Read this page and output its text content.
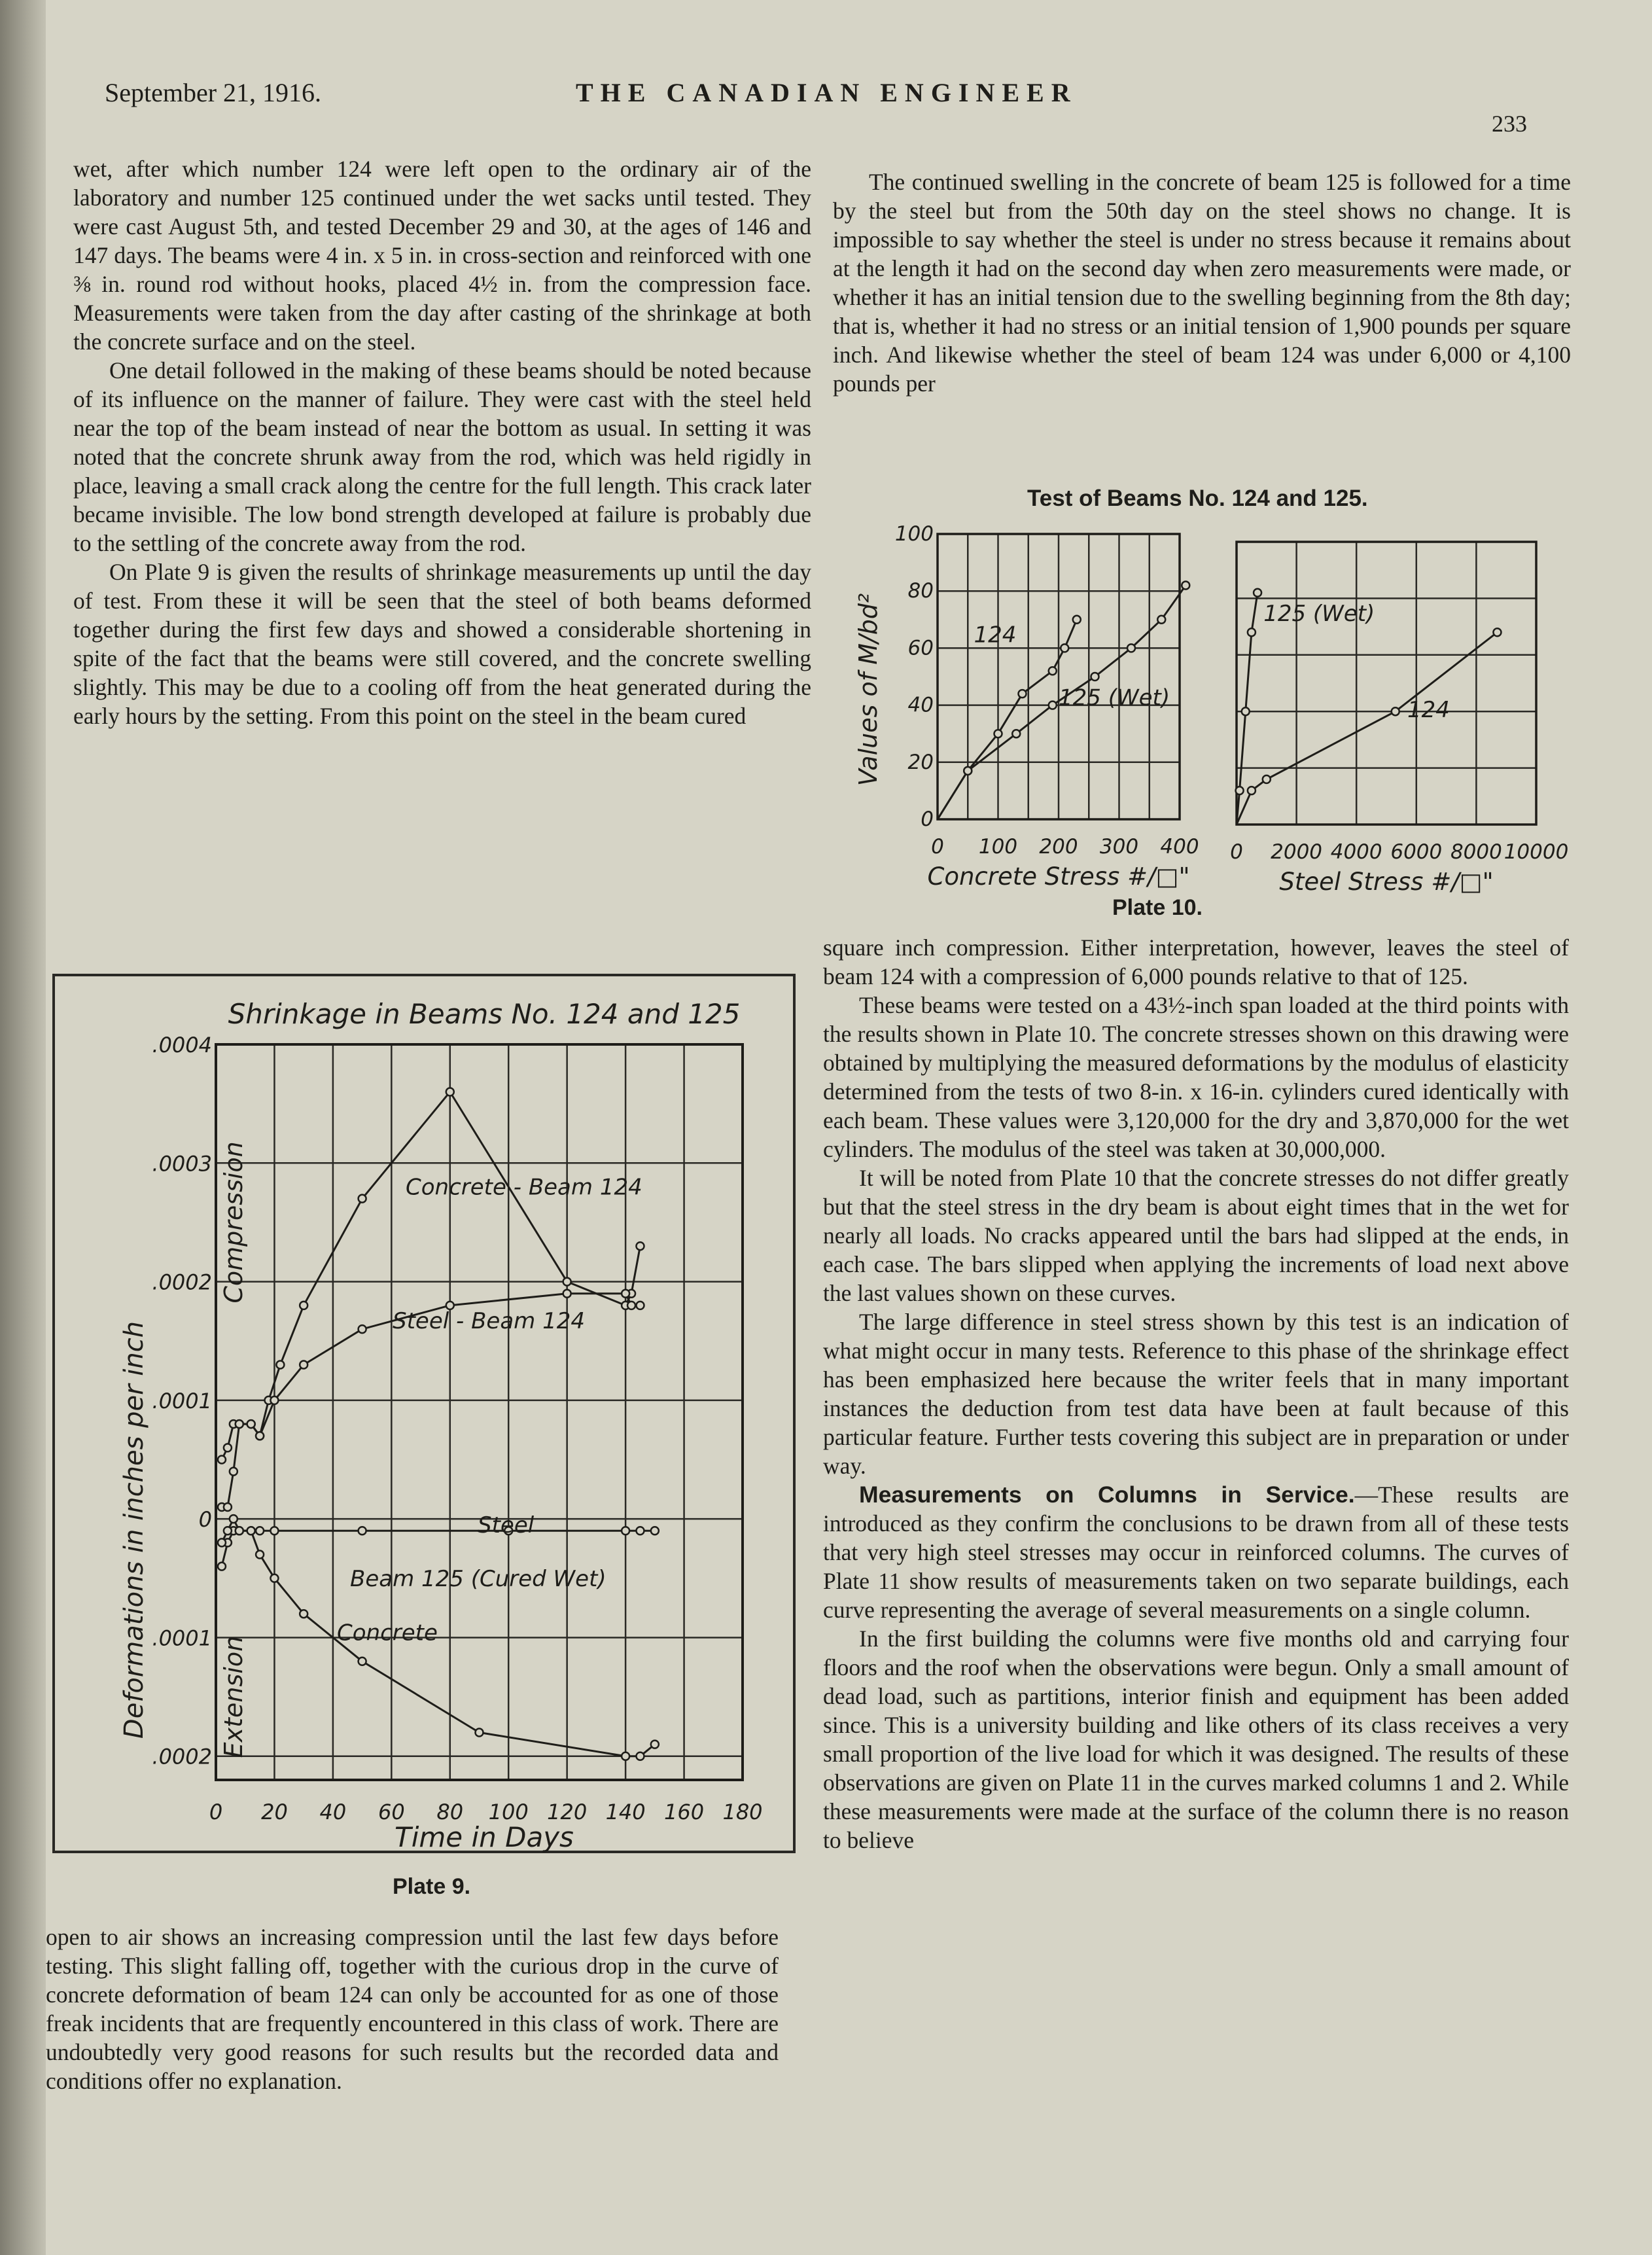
September 21, 1916.	THE CANADIAN ENGINEER
233

wet, after which number 124 were left open to the ordinary air of the laboratory and number 125 continued under the wet sacks until tested. They were cast August 5th, and tested December 29 and 30, at the ages of 146 and 147 days. The beams were 4 in. x 5 in. in cross-section and reinforced with one ⅜ in. round rod without hooks, placed 4½ in. from the compression face. Measurements were taken from the day after casting of the shrinkage at both the concrete surface and on the steel.

One detail followed in the making of these beams should be noted because of its influence on the manner of failure. They were cast with the steel held near the top of the beam instead of near the bottom as usual. In setting it was noted that the concrete shrunk away from the rod, which was held rigidly in place, leaving a small crack along the centre for the full length. This crack later became invisible. The low bond strength developed at failure is probably due to the settling of the concrete away from the rod.

On Plate 9 is given the results of shrinkage measurements up until the day of test. From these it will be seen that the steel of both beams deformed together during the first few days and showed a considerable shortening in spite of the fact that the beams were still covered, and the concrete swelling slightly. This may be due to a cooling off from the heat generated during the early hours by the setting. From this point on the steel in the beam cured

The continued swelling in the concrete of beam 125 is followed for a time by the steel but from the 50th day on the steel shows no change. It is impossible to say whether the steel is under no stress because it remains about at the length it had on the second day when zero measurements were made, or whether it has an initial tension due to the swelling beginning from the 8th day; that is, whether it had no stress or an initial tension of 1,900 pounds per square inch. And likewise whether the steel of beam 124 was under 6,000 or 4,100 pounds per

Test of Beams No. 124 and 125.
0 100 200 300 400
Concrete Stress #/□"
0
20
40
60
80
100
Values of M/bd²	124
125 (Wet)
0 2000 4000 6000 8000 10000
Steel Stress #/□"
125 (Wet)
124
Plate 10.

square inch compression. Either interpretation, however, leaves the steel of beam 124 with a compression of 6,000 pounds relative to that of 125.

These beams were tested on a 43½-inch span loaded at the third points with the results shown in Plate 10. The concrete stresses shown on this drawing were obtained by multiplying the measured deformations by the modulus of elasticity determined from the tests of two 8-in. x 16-in. cylinders cured identically with each beam. These values were 3,120,000 for the dry and 3,870,000 for the wet cylinders. The modulus of the steel was taken at 30,000,000.

It will be noted from Plate 10 that the concrete stresses do not differ greatly but that the steel stress in the dry beam is about eight times that in the wet for nearly all loads. No cracks appeared until the bars had slipped at the ends, in each case. The bars slipped when applying the increments of load next above the last values shown on these curves.

The large difference in steel stress shown by this test is an indication of what might occur in many tests. Reference to this phase of the shrinkage effect has been emphasized here because the writer feels that in many important instances the deduction from test data have been at fault because of this particular feature. Further tests covering this subject are in preparation or under way.

Measurements on Columns in Service.—These results are introduced as they confirm the conclusions to be drawn from all of these tests that very high steel stresses may occur in reinforced columns. The curves of Plate 11 show results of measurements taken on two separate buildings, each curve representing the average of several measurements on a single column.

In the first building the columns were five months old and carrying four floors and the roof when the observations were begun. Only a small amount of dead load, such as partitions, interior finish and equipment has been added since. This is a university building and like others of its class receives a very small proportion of the live load for which it was designed. The results of these observations are given on Plate 11 in the curves marked columns 1 and 2. While these measurements were made at the surface of the column there is no reason to believe

Shrinkage in Beams No. 124 and 125
.0004
.0003
.0002
.0001
0
.0001
.0002
0 20 40 60 80 100 120 140 160 180
Time in Days
Deformations in inches per inch
Compression
Extension
Concrete - Beam 124
Steel - Beam 124
Steel
Beam 125 (Cured Wet)
Concrete
Plate 9.

open to air shows an increasing compression until the last few days before testing. This slight falling off, together with the curious drop in the curve of concrete deformation of beam 124 can only be accounted for as one of those freak incidents that are frequently encountered in this class of work. There are undoubtedly very good reasons for such results but the recorded data and conditions offer no explanation.
